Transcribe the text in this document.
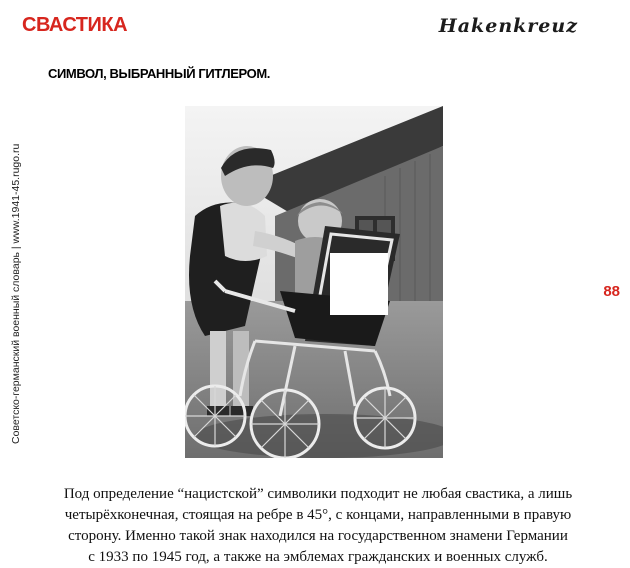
СВАСТИКА	Hakenkreuz
СИМВОЛ, ВЫБРАННЫЙ ГИТЛЕРОМ.
Советско-германский военный словарь | www.1941-45.rugo.ru	88
Под определение “нацистской” символики подходит не любая свастика, а лишь
четырёхконечная, стоящая на ребре в 45°, с концами, направленными в правую
сторону. Именно такой знак находился на государственном знамени Германии
с 1933 по 1945 год, а также на эмблемах гражданских и военных служб.
